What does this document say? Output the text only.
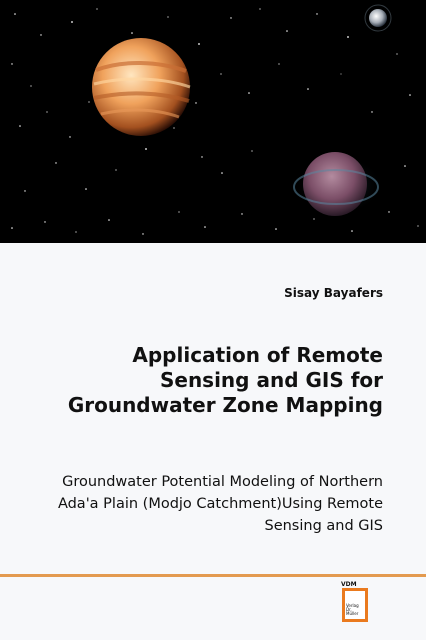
Sisay Bayafers
Application of Remote Sensing and GIS for Groundwater Zone Mapping
Groundwater Potential Modeling of Northern Ada'a Plain (Modjo Catchment)Using Remote Sensing and GIS
VDM
Verlag
Dr. Müller
